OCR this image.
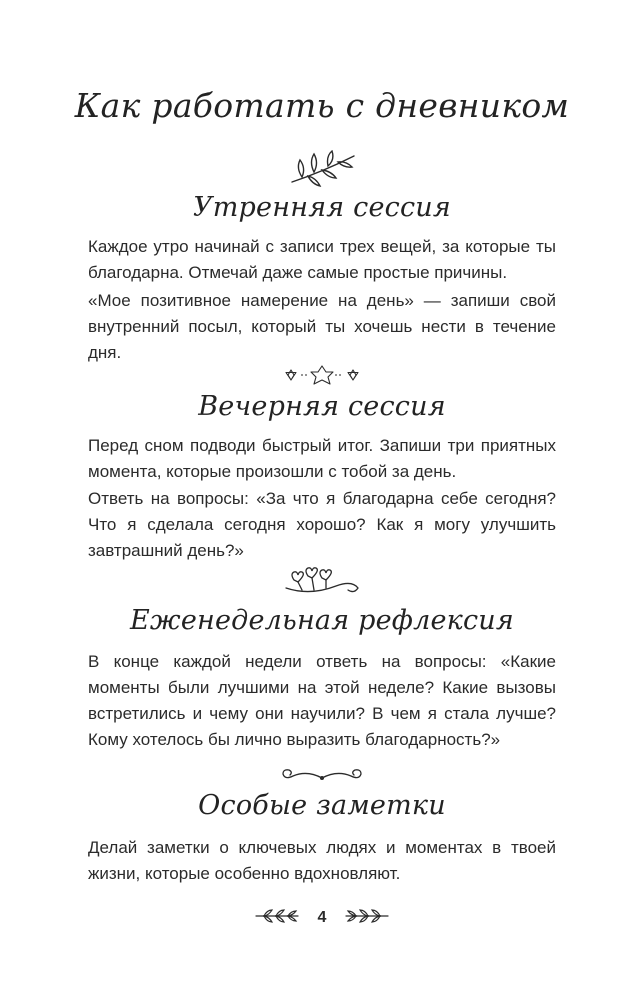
Как работать с дневником
Утренняя сессия

Каждое утро начинай с записи трех вещей, за которые ты благодарна. Отмечай даже самые простые причины.

«Мое позитивное намерение на день» — запиши свой внутренний посыл, который ты хочешь нести в течение дня.

Вечерняя сессия

Перед сном подводи быстрый итог. Запиши три приятных момента, которые произошли с тобой за день.

Ответь на вопросы: «За что я благодарна себе сегодня? Что я сделала сегодня хорошо? Как я могу улучшить завтрашний день?»

Еженедельная рефлексия

В конце каждой недели ответь на вопросы: «Какие моменты были лучшими на этой неделе? Какие вызовы встретились и чему они научили? В чем я стала лучше? Кому хотелось бы лично выразить благодарность?»

Особые заметки

Делай заметки о ключевых людях и моментах в твоей жизни, которые особенно вдохновляют.

4
